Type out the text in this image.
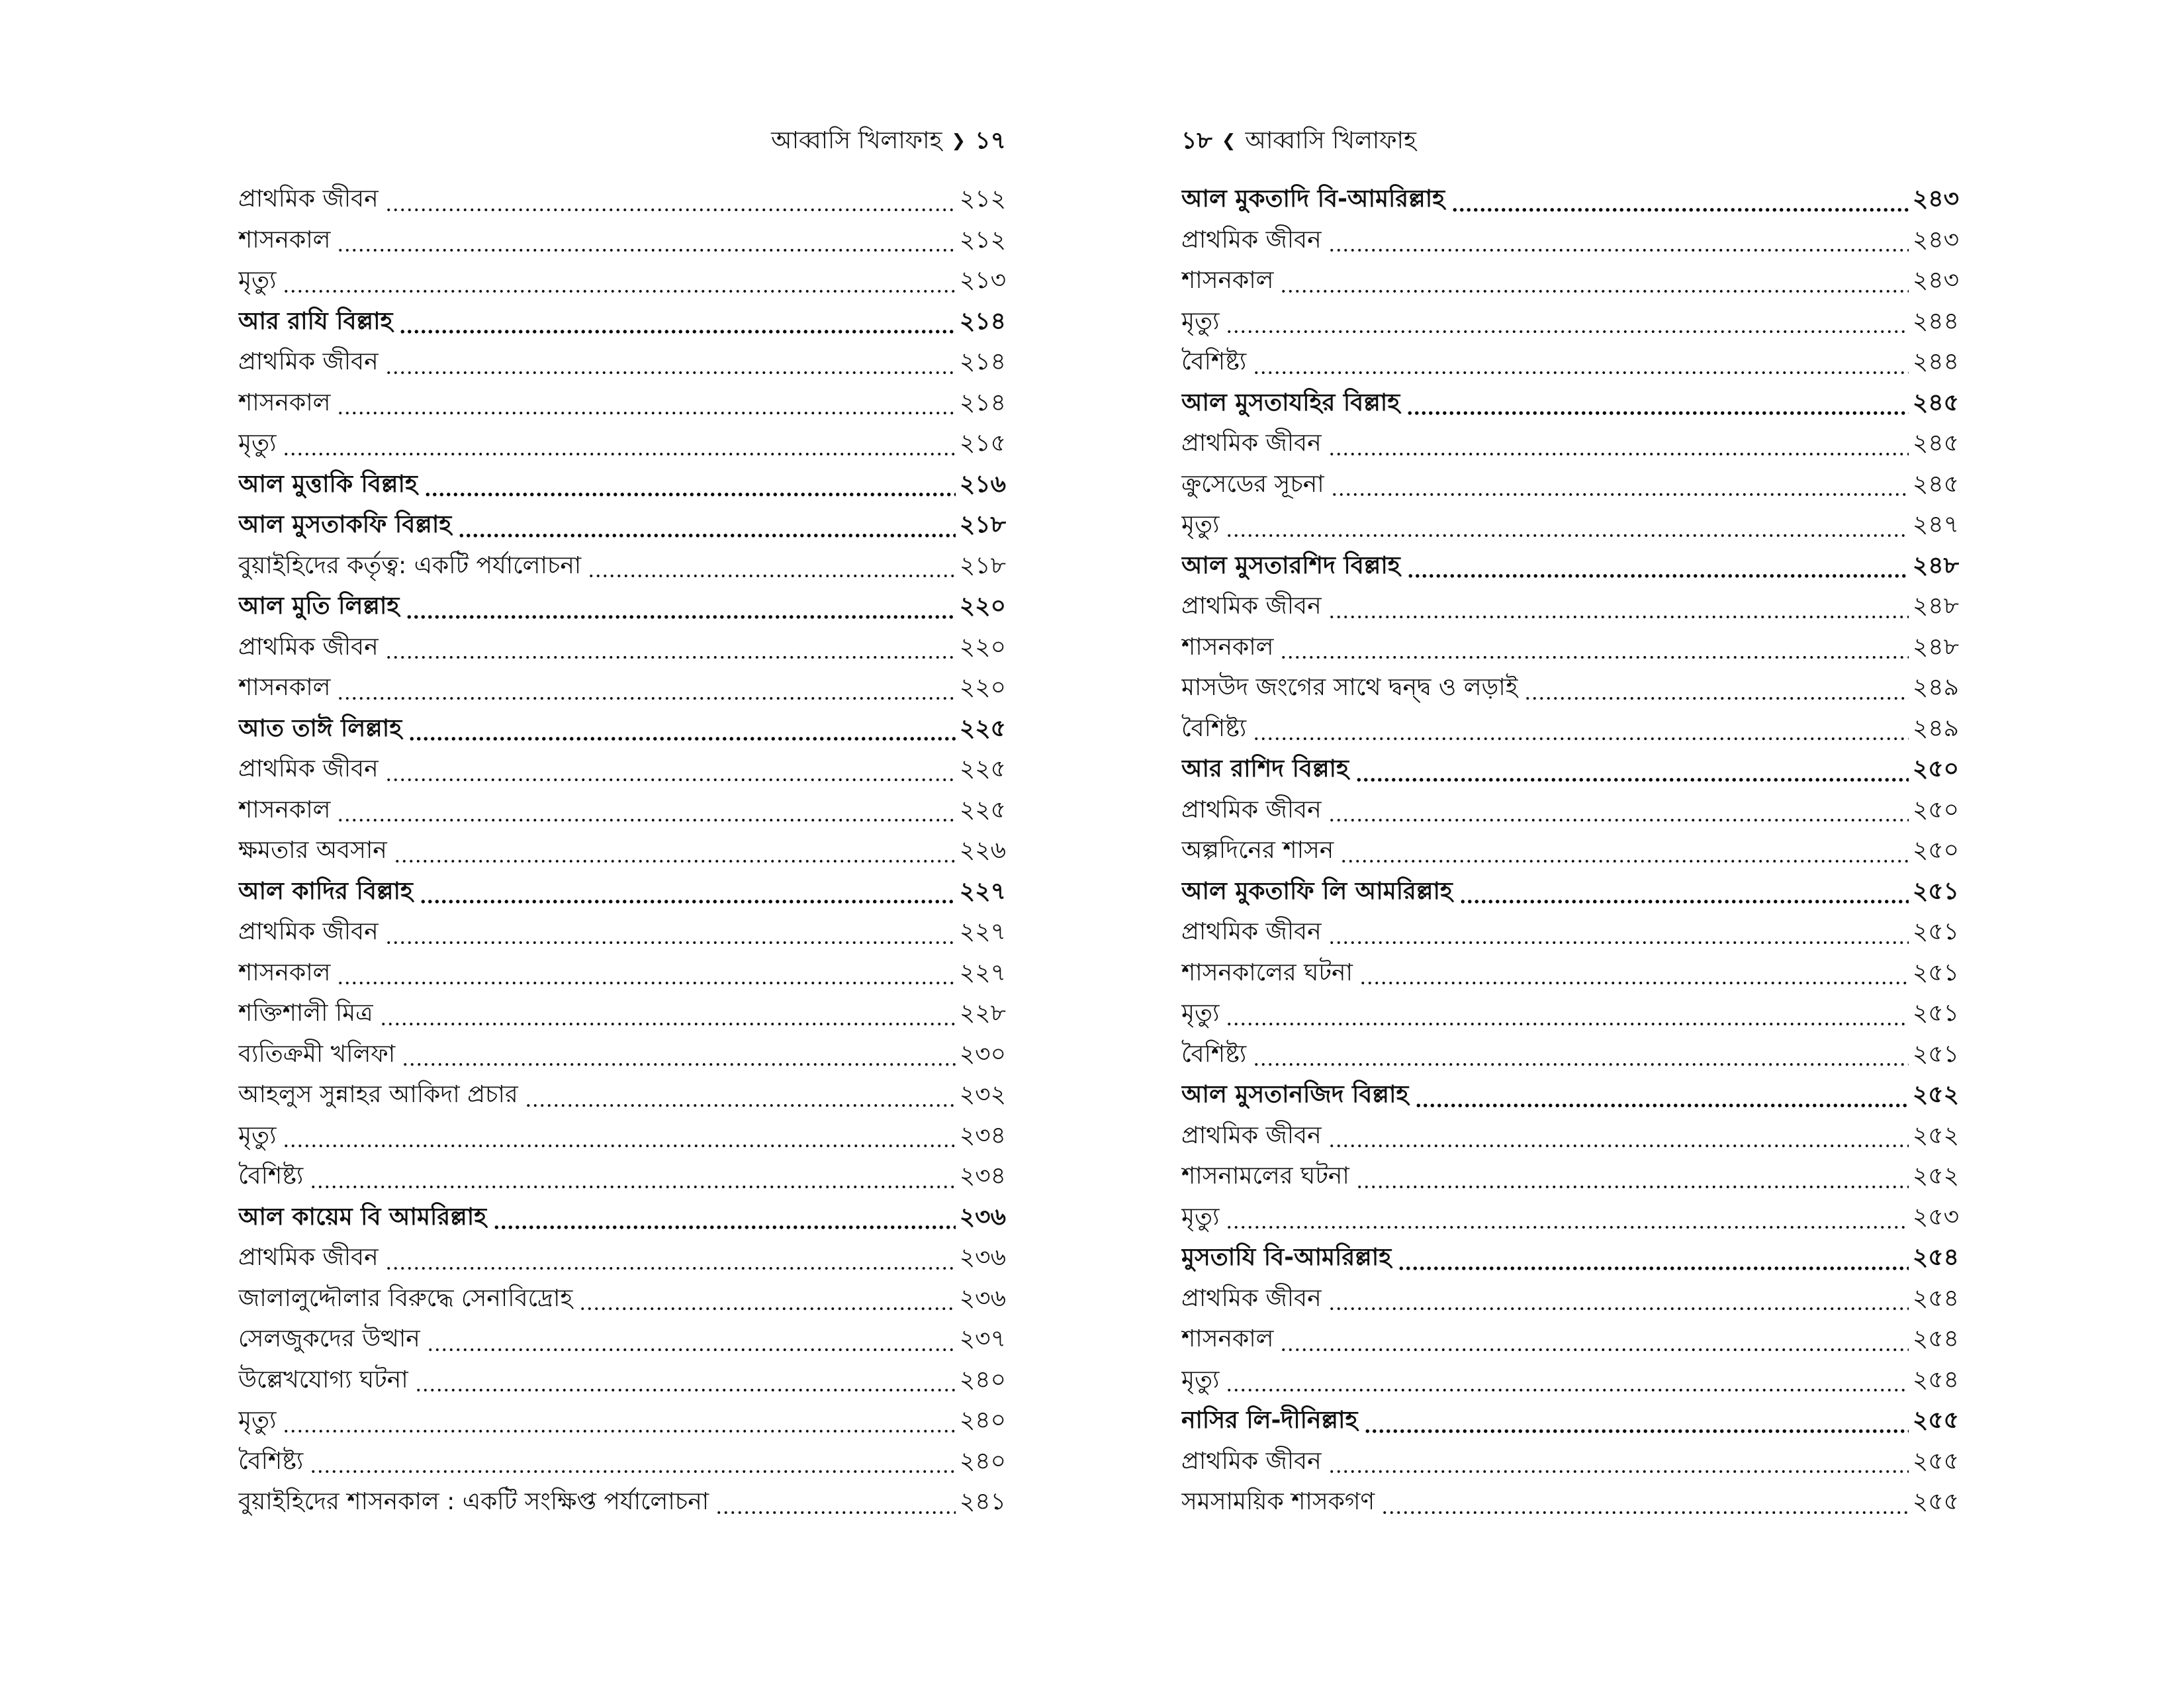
আব্বাসি খিলাফাহ ❯ ১৭
প্রাথমিক জীবন	২১২
শাসনকাল	২১২
মৃত্যু	২১৩
আর রাযি বিল্লাহ	২১৪
প্রাথমিক জীবন	২১৪
শাসনকাল	২১৪
মৃত্যু	২১৫
আল মুত্তাকি বিল্লাহ	২১৬
আল মুসতাকফি বিল্লাহ	২১৮
বুয়াইহিদের কর্তৃত্ব: একটি পর্যালোচনা	২১৮
আল মুতি লিল্লাহ	২২০
প্রাথমিক জীবন	২২০
শাসনকাল	২২০
আত তাঈ লিল্লাহ	২২৫
প্রাথমিক জীবন	২২৫
শাসনকাল	২২৫
ক্ষমতার অবসান	২২৬
আল কাদির বিল্লাহ	২২৭
প্রাথমিক জীবন	২২৭
শাসনকাল	২২৭
শক্তিশালী মিত্র	২২৮
ব্যতিক্রমী খলিফা	২৩০
আহলুস সুন্নাহর আকিদা প্রচার	২৩২
মৃত্যু	২৩৪
বৈশিষ্ট্য	২৩৪
আল কায়েম বি আমরিল্লাহ	২৩৬
প্রাথমিক জীবন	২৩৬
জালালুদ্দৌলার বিরুদ্ধে সেনাবিদ্রোহ	২৩৬
সেলজুকদের উত্থান	২৩৭
উল্লেখযোগ্য ঘটনা	২৪০
মৃত্যু	২৪০
বৈশিষ্ট্য	২৪০
বুয়াইহিদের শাসনকাল : একটি সংক্ষিপ্ত পর্যালোচনা	২৪১
১৮ ❮ আব্বাসি খিলাফাহ
আল মুকতাদি বি-আমরিল্লাহ	২৪৩
প্রাথমিক জীবন	২৪৩
শাসনকাল	২৪৩
মৃত্যু	২৪৪
বৈশিষ্ট্য	২৪৪
আল মুসতাযহির বিল্লাহ	২৪৫
প্রাথমিক জীবন	২৪৫
ক্রুসেডের সূচনা	২৪৫
মৃত্যু	২৪৭
আল মুসতারশিদ বিল্লাহ	২৪৮
প্রাথমিক জীবন	২৪৮
শাসনকাল	২৪৮
মাসউদ জংগের সাথে দ্বন্দ্ব ও লড়াই	২৪৯
বৈশিষ্ট্য	২৪৯
আর রাশিদ বিল্লাহ	২৫০
প্রাথমিক জীবন	২৫০
অল্পদিনের শাসন	২৫০
আল মুকতাফি লি আমরিল্লাহ	২৫১
প্রাথমিক জীবন	২৫১
শাসনকালের ঘটনা	২৫১
মৃত্যু	২৫১
বৈশিষ্ট্য	২৫১
আল মুসতানজিদ বিল্লাহ	২৫২
প্রাথমিক জীবন	২৫২
শাসনামলের ঘটনা	২৫২
মৃত্যু	২৫৩
মুসতাযি বি-আমরিল্লাহ	২৫৪
প্রাথমিক জীবন	২৫৪
শাসনকাল	২৫৪
মৃত্যু	২৫৪
নাসির লি-দীনিল্লাহ	২৫৫
প্রাথমিক জীবন	২৫৫
সমসাময়িক শাসকগণ	২৫৫
